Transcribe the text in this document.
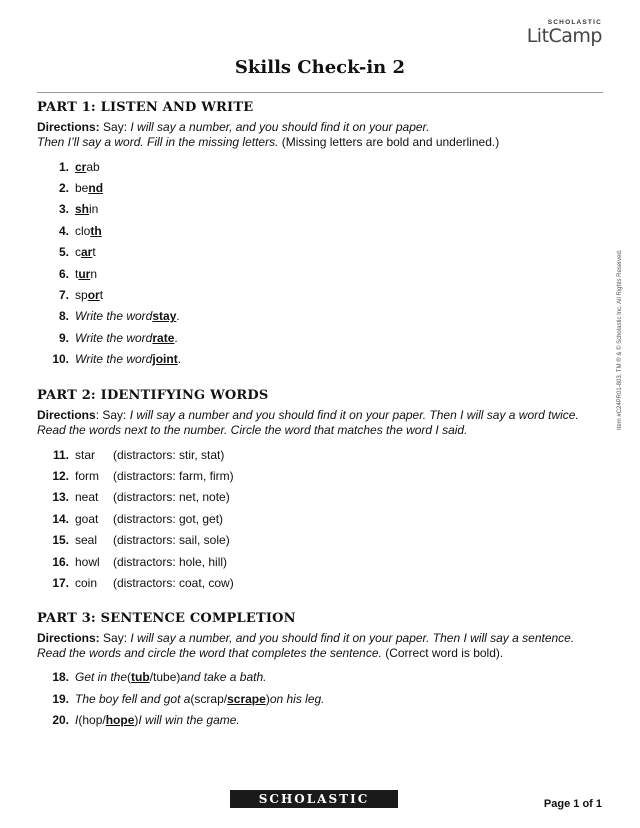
SCHOLASTIC
LitCamp
Skills Check-in 2
PART 1: LISTEN AND WRITE
Directions: Say: I will say a number, and you should find it on your paper.
Then I’ll say a word. Fill in the missing letters. (Missing letters are bold and underlined.)
1. cr ab
2. be nd
3. sh in
4. clo th
5. c ar t
6. t ur n
7. sp or t
8. Write the word stay .
9. Write the word rate .
10. Write the word joint .
PART 2: IDENTIFYING WORDS
Directions: Say: I will say a number and you should find it on your paper. Then I will say a word twice. Read the words next to the number. Circle the word that matches the word I said.
11. star	(distractors: stir, stat)
12. form	(distractors: farm, firm)
13. neat	(distractors: net, note)
14. goat	(distractors: got, get)
15. seal	(distractors: sail, sole)
16. howl	(distractors: hole, hill)
17. coin	(distractors: coat, cow)
PART 3: SENTENCE COMPLETION
Directions: Say: I will say a number, and you should find it on your paper. Then I will say a sentence. Read the words and circle the word that completes the sentence. (Correct word is bold).
18. Get in the ( tub / tube ) and take a bath.
19. The boy fell and got a ( scrap / scrape ) on his leg.
20. I ( hop / hope ) I will win the game.
Item #C24PR01-803. TM ® & © Scholastic Inc. All Rights Reserved.
SCHOLASTIC	Page 1 of 1
